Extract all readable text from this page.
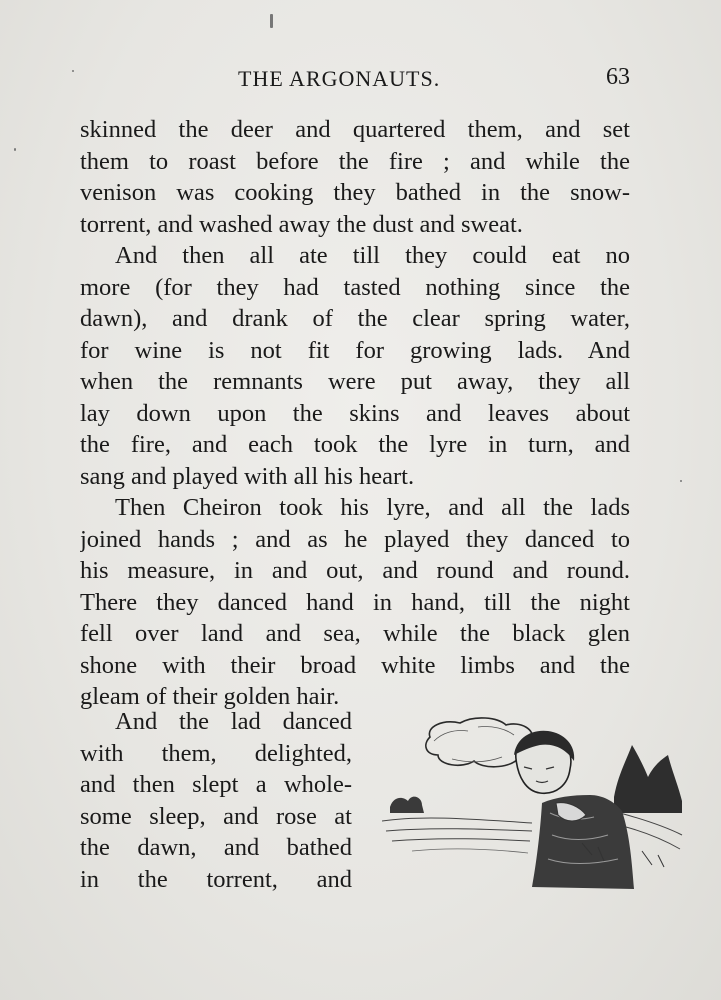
THE ARGONAUTS.	63
skinned the deer and quartered them, and set
them to roast before the fire ; and while the
venison was cooking they bathed in the snow-
torrent, and washed away the dust and sweat.
And then all ate till they could eat no
more (for they had tasted nothing since the
dawn), and drank of the clear spring water,
for wine is not fit for growing lads. And
when the remnants were put away, they all
lay down upon the skins and leaves about
the fire, and each took the lyre in turn, and
sang and played with all his heart.
Then Cheiron took his lyre, and all the lads
joined hands ; and as he played they danced to
his measure, in and out, and round and round.
There they danced hand in hand, till the night
fell over land and sea, while the black glen
shone with their broad white limbs and the
gleam of their golden hair.
And the lad danced
with them, delighted,
and then slept a whole-
some sleep, and rose at
the dawn, and bathed
in the torrent, and
